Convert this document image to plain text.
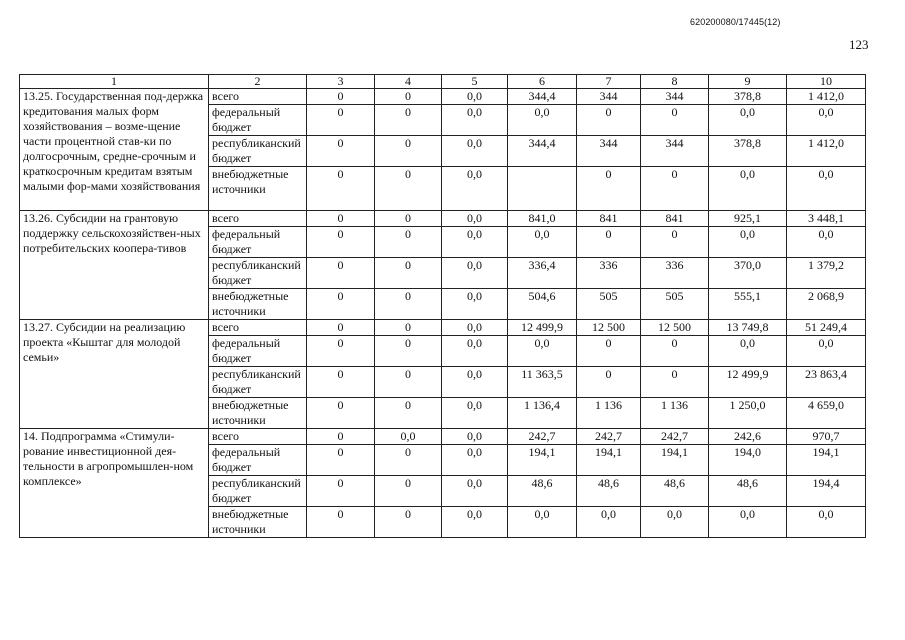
620200080/17445(12)
123
1	2	3	4	5	6	7	8	9	10
13.25. Государственная под-держка кредитования малых форм хозяйствования – возме-щение части процентной став-ки по долгосрочным, средне-срочным и краткосрочным кредитам взятым малыми фор-мами хозяйствования	всего	0	0	0,0	344,4	344	344	378,8	1 412,0
	федеральный бюджет	0	0	0,0	0,0	0	0	0,0	0,0
	республиканский бюджет	0	0	0,0	344,4	344	344	378,8	1 412,0
	внебюджетные источники	0	0	0,0		0	0	0,0	0,0
13.26. Субсидии на грантовую поддержку сельскохозяйствен-ных потребительских коопера-тивов	всего	0	0	0,0	841,0	841	841	925,1	3 448,1
	федеральный бюджет	0	0	0,0	0,0	0	0	0,0	0,0
	республиканский бюджет	0	0	0,0	336,4	336	336	370,0	1 379,2
	внебюджетные источники	0	0	0,0	504,6	505	505	555,1	2 068,9
13.27. Субсидии на реализацию проекта «Кыштаг для молодой семьи»	всего	0	0	0,0	12 499,9	12 500	12 500	13 749,8	51 249,4
	федеральный бюджет	0	0	0,0	0,0	0	0	0,0	0,0
	республиканский бюджет	0	0	0,0	11 363,5	0	0	12 499,9	23 863,4
	внебюджетные источники	0	0	0,0	1 136,4	1 136	1 136	1 250,0	4 659,0
14. Подпрограмма «Стимули-рование инвестиционной дея-тельности в агропромышлен-ном комплексе»	всего	0	0,0	0,0	242,7	242,7	242,7	242,6	970,7
	федеральный бюджет	0	0	0,0	194,1	194,1	194,1	194,0	194,1
	республиканский бюджет	0	0	0,0	48,6	48,6	48,6	48,6	194,4
	внебюджетные источники	0	0	0,0	0,0	0,0	0,0	0,0	0,0
